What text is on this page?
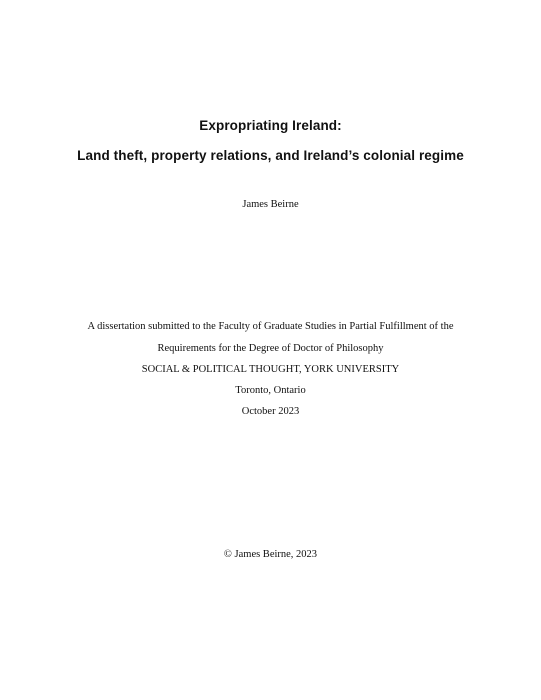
Expropriating Ireland:
Land theft, property relations, and Ireland’s colonial regime
James Beirne
A dissertation submitted to the Faculty of Graduate Studies in Partial Fulfillment of the
Requirements for the Degree of Doctor of Philosophy
SOCIAL & POLITICAL THOUGHT, YORK UNIVERSITY
Toronto, Ontario
October 2023
© James Beirne, 2023
